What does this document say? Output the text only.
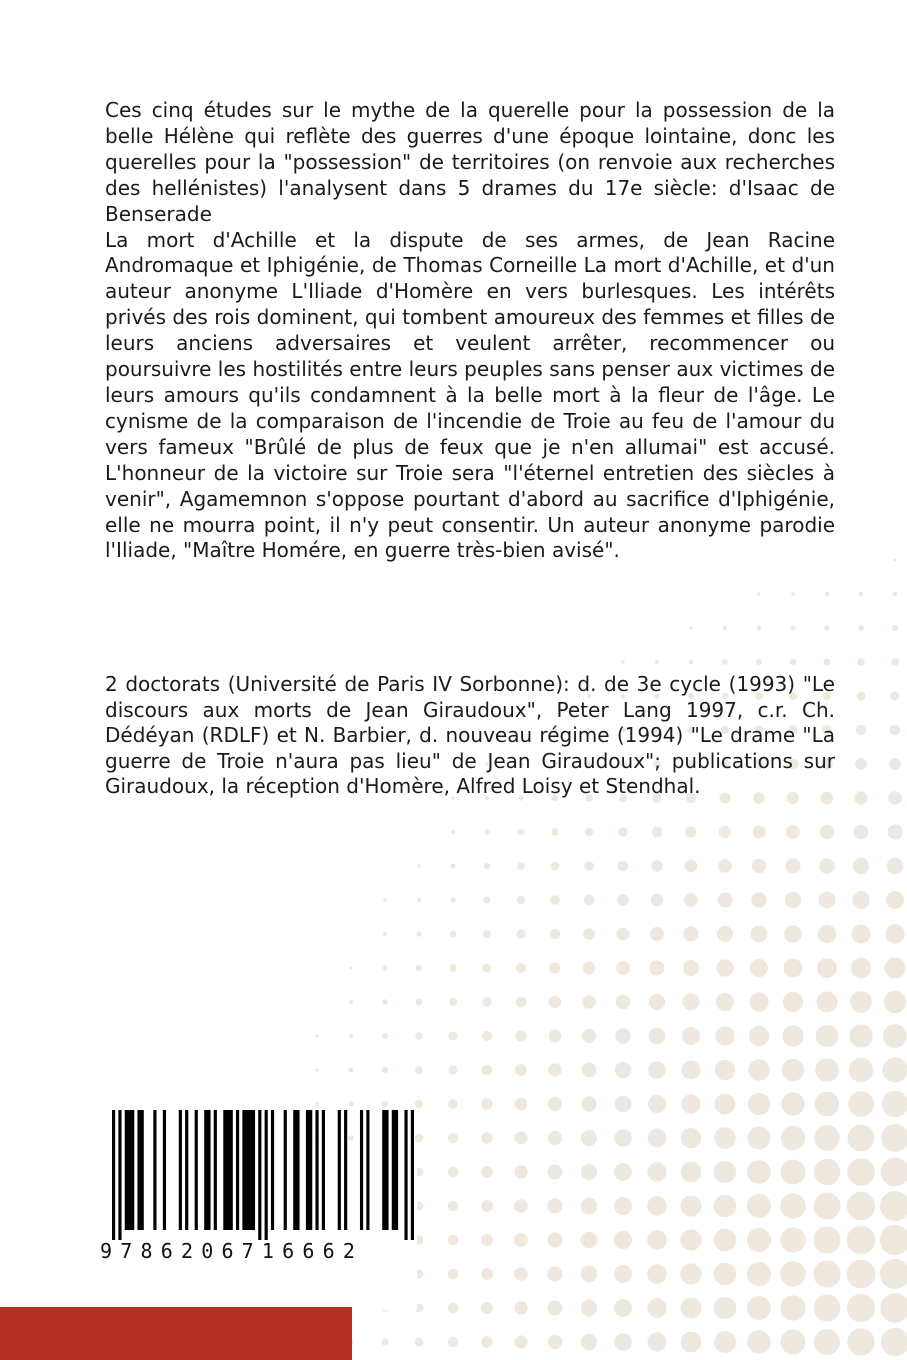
Ces cinq études sur le mythe de la querelle pour la possession de la belle Hélène qui reflète des guerres d'une époque lointaine, donc les querelles pour la "possession" de territoires (on renvoie aux recherches des hellénistes) l'analysent dans 5 drames du 17e siècle: d'Isaac de Benserade

La mort d'Achille et la dispute de ses armes, de Jean Racine Andromaque et Iphigénie, de Thomas Corneille La mort d'Achille, et d'un auteur anonyme L'Iliade d'Homère en vers burlesques. Les intérêts privés des rois dominent, qui tombent amoureux des femmes et filles de leurs anciens adversaires et veulent arrêter, recommencer ou poursuivre les hostilités entre leurs peuples sans penser aux victimes de leurs amours qu'ils condamnent à la belle mort à la fleur de l'âge. Le cynisme de la comparaison de l'incendie de Troie au feu de l'amour du vers fameux "Brûlé de plus de feux que je n'en allumai" est accusé. L'honneur de la victoire sur Troie sera "l'éternel entretien des siècles à venir", Agamemnon s'oppose pourtant d'abord au sacrifice d'Iphigénie, elle ne mourra point, il n'y peut consentir. Un auteur anonyme parodie l'Iliade, "Maître Homére, en guerre très-bien avisé".

2 doctorats (Université de Paris IV Sorbonne): d. de 3e cycle (1993) "Le discours aux morts de Jean Giraudoux", Peter Lang 1997, c.r. Ch. Dédéyan (RDLF) et N. Barbier, d. nouveau régime (1994) "Le drame "La guerre de Troie n'aura pas lieu" de Jean Giraudoux"; publications sur Giraudoux, la réception d'Homère, Alfred Loisy et Stendhal.

9786206716662
